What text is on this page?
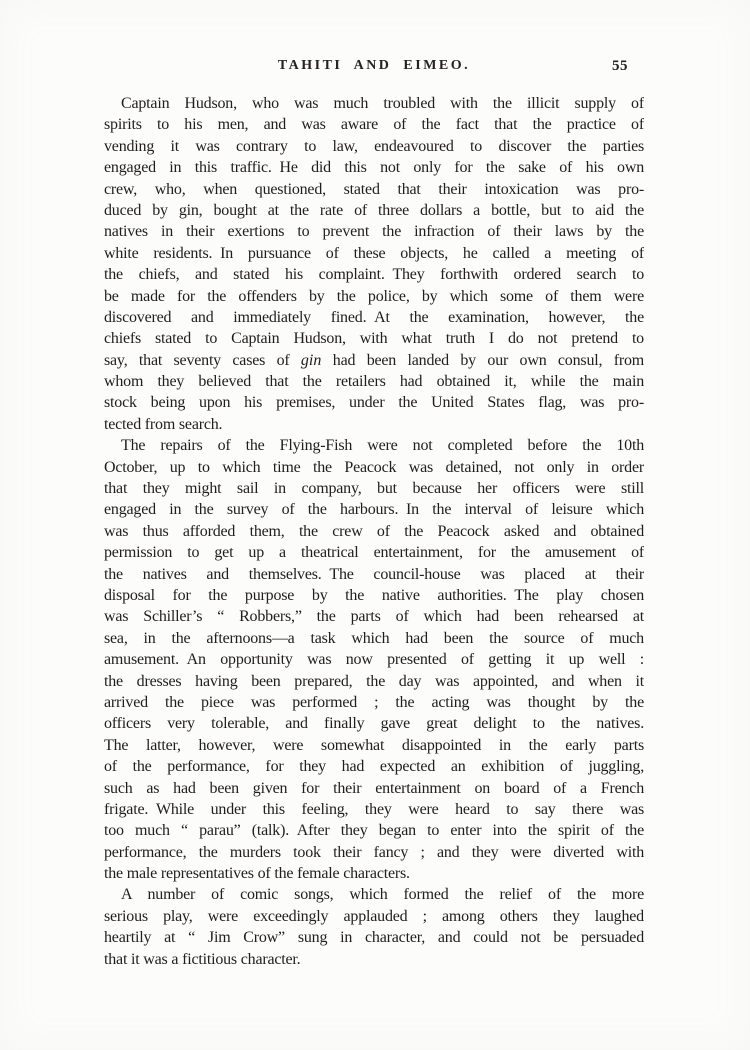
TAHITI AND EIMEO.	55
Captain Hudson, who was much troubled with the illicit supply of
spirits to his men, and was aware of the fact that the practice of
vending it was contrary to law, endeavoured to discover the parties
engaged in this traffic. He did this not only for the sake of his own
crew, who, when questioned, stated that their intoxication was pro-
duced by gin, bought at the rate of three dollars a bottle, but to aid the
natives in their exertions to prevent the infraction of their laws by the
white residents. In pursuance of these objects, he called a meeting of
the chiefs, and stated his complaint. They forthwith ordered search to
be made for the offenders by the police, by which some of them were
discovered and immediately fined. At the examination, however, the
chiefs stated to Captain Hudson, with what truth I do not pretend to
say, that seventy cases of gin had been landed by our own consul, from
whom they believed that the retailers had obtained it, while the main
stock being upon his premises, under the United States flag, was pro-
tected from search.
The repairs of the Flying-Fish were not completed before the 10th
October, up to which time the Peacock was detained, not only in order
that they might sail in company, but because her officers were still
engaged in the survey of the harbours. In the interval of leisure which
was thus afforded them, the crew of the Peacock asked and obtained
permission to get up a theatrical entertainment, for the amusement of
the natives and themselves. The council-house was placed at their
disposal for the purpose by the native authorities. The play chosen
was Schiller’s “ Robbers,” the parts of which had been rehearsed at
sea, in the afternoons—a task which had been the source of much
amusement. An opportunity was now presented of getting it up well :
the dresses having been prepared, the day was appointed, and when it
arrived the piece was performed ; the acting was thought by the
officers very tolerable, and finally gave great delight to the natives.
The latter, however, were somewhat disappointed in the early parts
of the performance, for they had expected an exhibition of juggling,
such as had been given for their entertainment on board of a French
frigate. While under this feeling, they were heard to say there was
too much “ parau” (talk). After they began to enter into the spirit of the
performance, the murders took their fancy ; and they were diverted with
the male representatives of the female characters.
A number of comic songs, which formed the relief of the more
serious play, were exceedingly applauded ; among others they laughed
heartily at “ Jim Crow” sung in character, and could not be persuaded
that it was a fictitious character.
